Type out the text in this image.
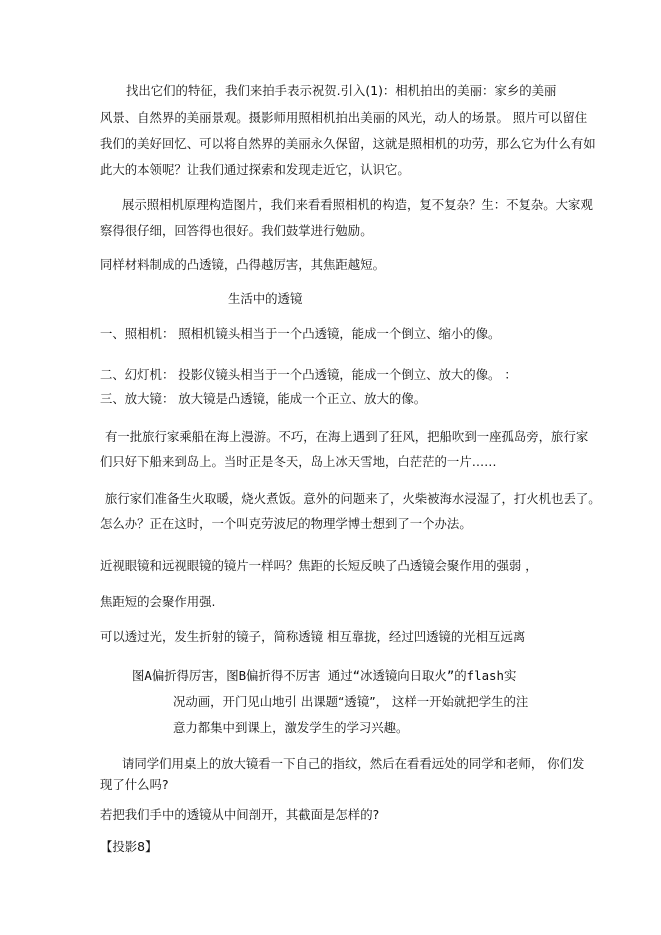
找出它们的特征，我们来拍手表示祝贺.引入(1)：相机拍出的美丽：家乡的美丽
风景、自然界的美丽景观。摄影师用照相机拍出美丽的风光，动人的场景。 照片可以留住
我们的美好回忆、可以将自然界的美丽永久保留，这就是照相机的功劳，那么它为什么有如
此大的本领呢？让我们通过探索和发现走近它，认识它。
展示照相机原理构造图片，我们来看看照相机的构造，复不复杂？生：不复杂。大家观
察得很仔细，回答得也很好。我们鼓掌进行勉励。
同样材料制成的凸透镜，凸得越厉害，其焦距越短。
生活中的透镜
一、照相机： 照相机镜头相当于一个凸透镜，能成一个倒立、缩小的像。
二、幻灯机： 投影仪镜头相当于一个凸透镜，能成一个倒立、放大的像。 ：
三、放大镜： 放大镜是凸透镜，能成一个正立、放大的像。
有一批旅行家乘船在海上漫游。不巧，在海上遇到了狂风，把船吹到一座孤岛旁，旅行家
们只好下船来到岛上。当时正是冬天，岛上冰天雪地，白茫茫的一片……
旅行家们准备生火取暖，烧火煮饭。意外的问题来了，火柴被海水浸湿了，打火机也丢了。
怎么办？正在这时，一个叫克劳波尼的物理学博士想到了一个办法。
近视眼镜和远视眼镜的镜片一样吗？焦距的长短反映了凸透镜会聚作用的强弱 ，
焦距短的会聚作用强.
可以透过光，发生折射的镜子，简称透镜 相互靠拢，经过凹透镜的光相互远离
图A偏折得厉害，图B偏折得不厉害 通过“冰透镜向日取火”的flash实
况动画，开门见山地引 出课题“透镜”， 这样一开始就把学生的注
意力都集中到课上，激发学生的学习兴趣。
请同学们用桌上的放大镜看一下自己的指纹，然后在看看远处的同学和老师， 你们发
现了什么吗?
若把我们手中的透镜从中间剖开，其截面是怎样的?
【投影8】
